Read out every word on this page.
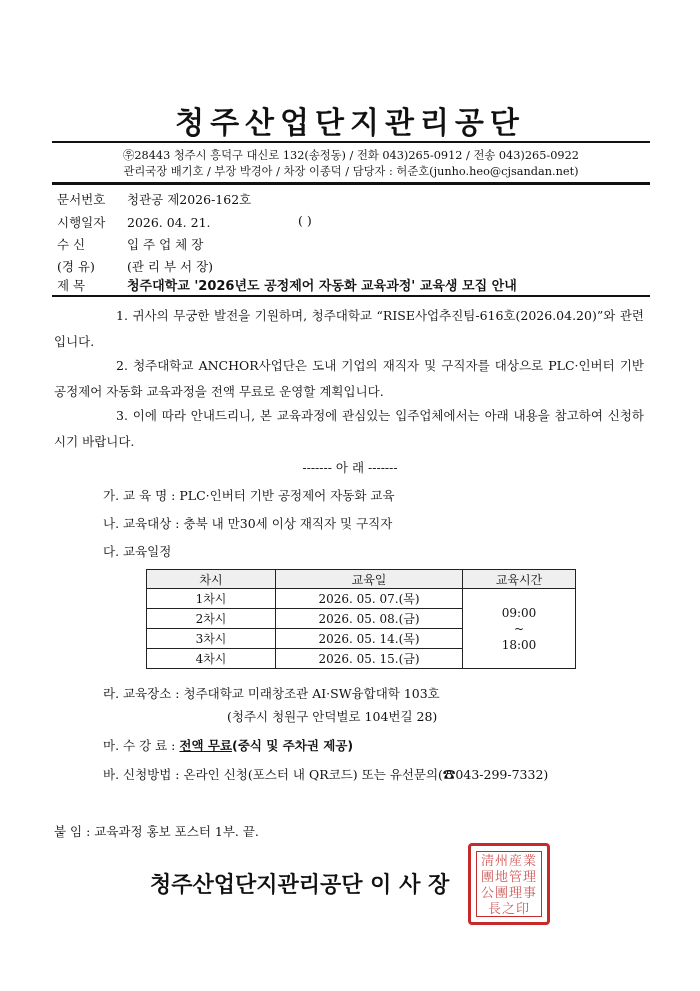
청주산업단지관리공단
㉾28443 청주시 흥덕구 대신로 132(송정동) / 전화 043)265-0912 / 전송 043)265-0922
관리국장 배기호 / 부장 박경아 / 차장 이종덕 / 담당자 : 허준호(junho.heo@cjsandan.net)
문서번호 청관공 제2026-162호
시행일자 2026. 04. 21.	( )
수 신	입 주 업 체 장
(경 유)	(관 리 부 서 장)
제 목	청주대학교 '2026년도 공정제어 자동화 교육과정' 교육생 모집 안내
1. 귀사의 무궁한 발전을 기원하며, 청주대학교 “RISE사업추진팀-616호(2026.04.20)”와 관련입니다.
2. 청주대학교 ANCHOR사업단은 도내 기업의 재직자 및 구직자를 대상으로 PLC·인버터 기반 공정제어 자동화 교육과정을 전액 무료로 운영할 계획입니다.
3. 이에 따라 안내드리니, 본 교육과정에 관심있는 입주업체에서는 아래 내용을 참고하여 신청하시기 바랍니다.
------- 아 래 -------
가. 교 육 명 : PLC·인버터 기반 공정제어 자동화 교육
나. 교육대상 : 충북 내 만30세 이상 재직자 및 구직자
다. 교육일정
차시	교육일	교육시간
1차시	2026. 05. 07.(목)	09:00
~
18:00

2차시	2026. 05. 08.(금)	
3차시	2026. 05. 14.(목)	
4차시	2026. 05. 15.(금)	
라. 교육장소 : 청주대학교 미래창조관 AI·SW융합대학 103호
(청주시 청원구 안덕벌로 104번길 28)
마. 수 강 료 : 전액 무료(중식 및 주차권 제공)
바. 신청방법 : 온라인 신청(포스터 내 QR코드) 또는 유선문의(☎043-299-7332)
붙 임 : 교육과정 홍보 포스터 1부. 끝.
청주산업단지관리공단 이 사 장
淸州産業
團地管理
公團理事
長之印
